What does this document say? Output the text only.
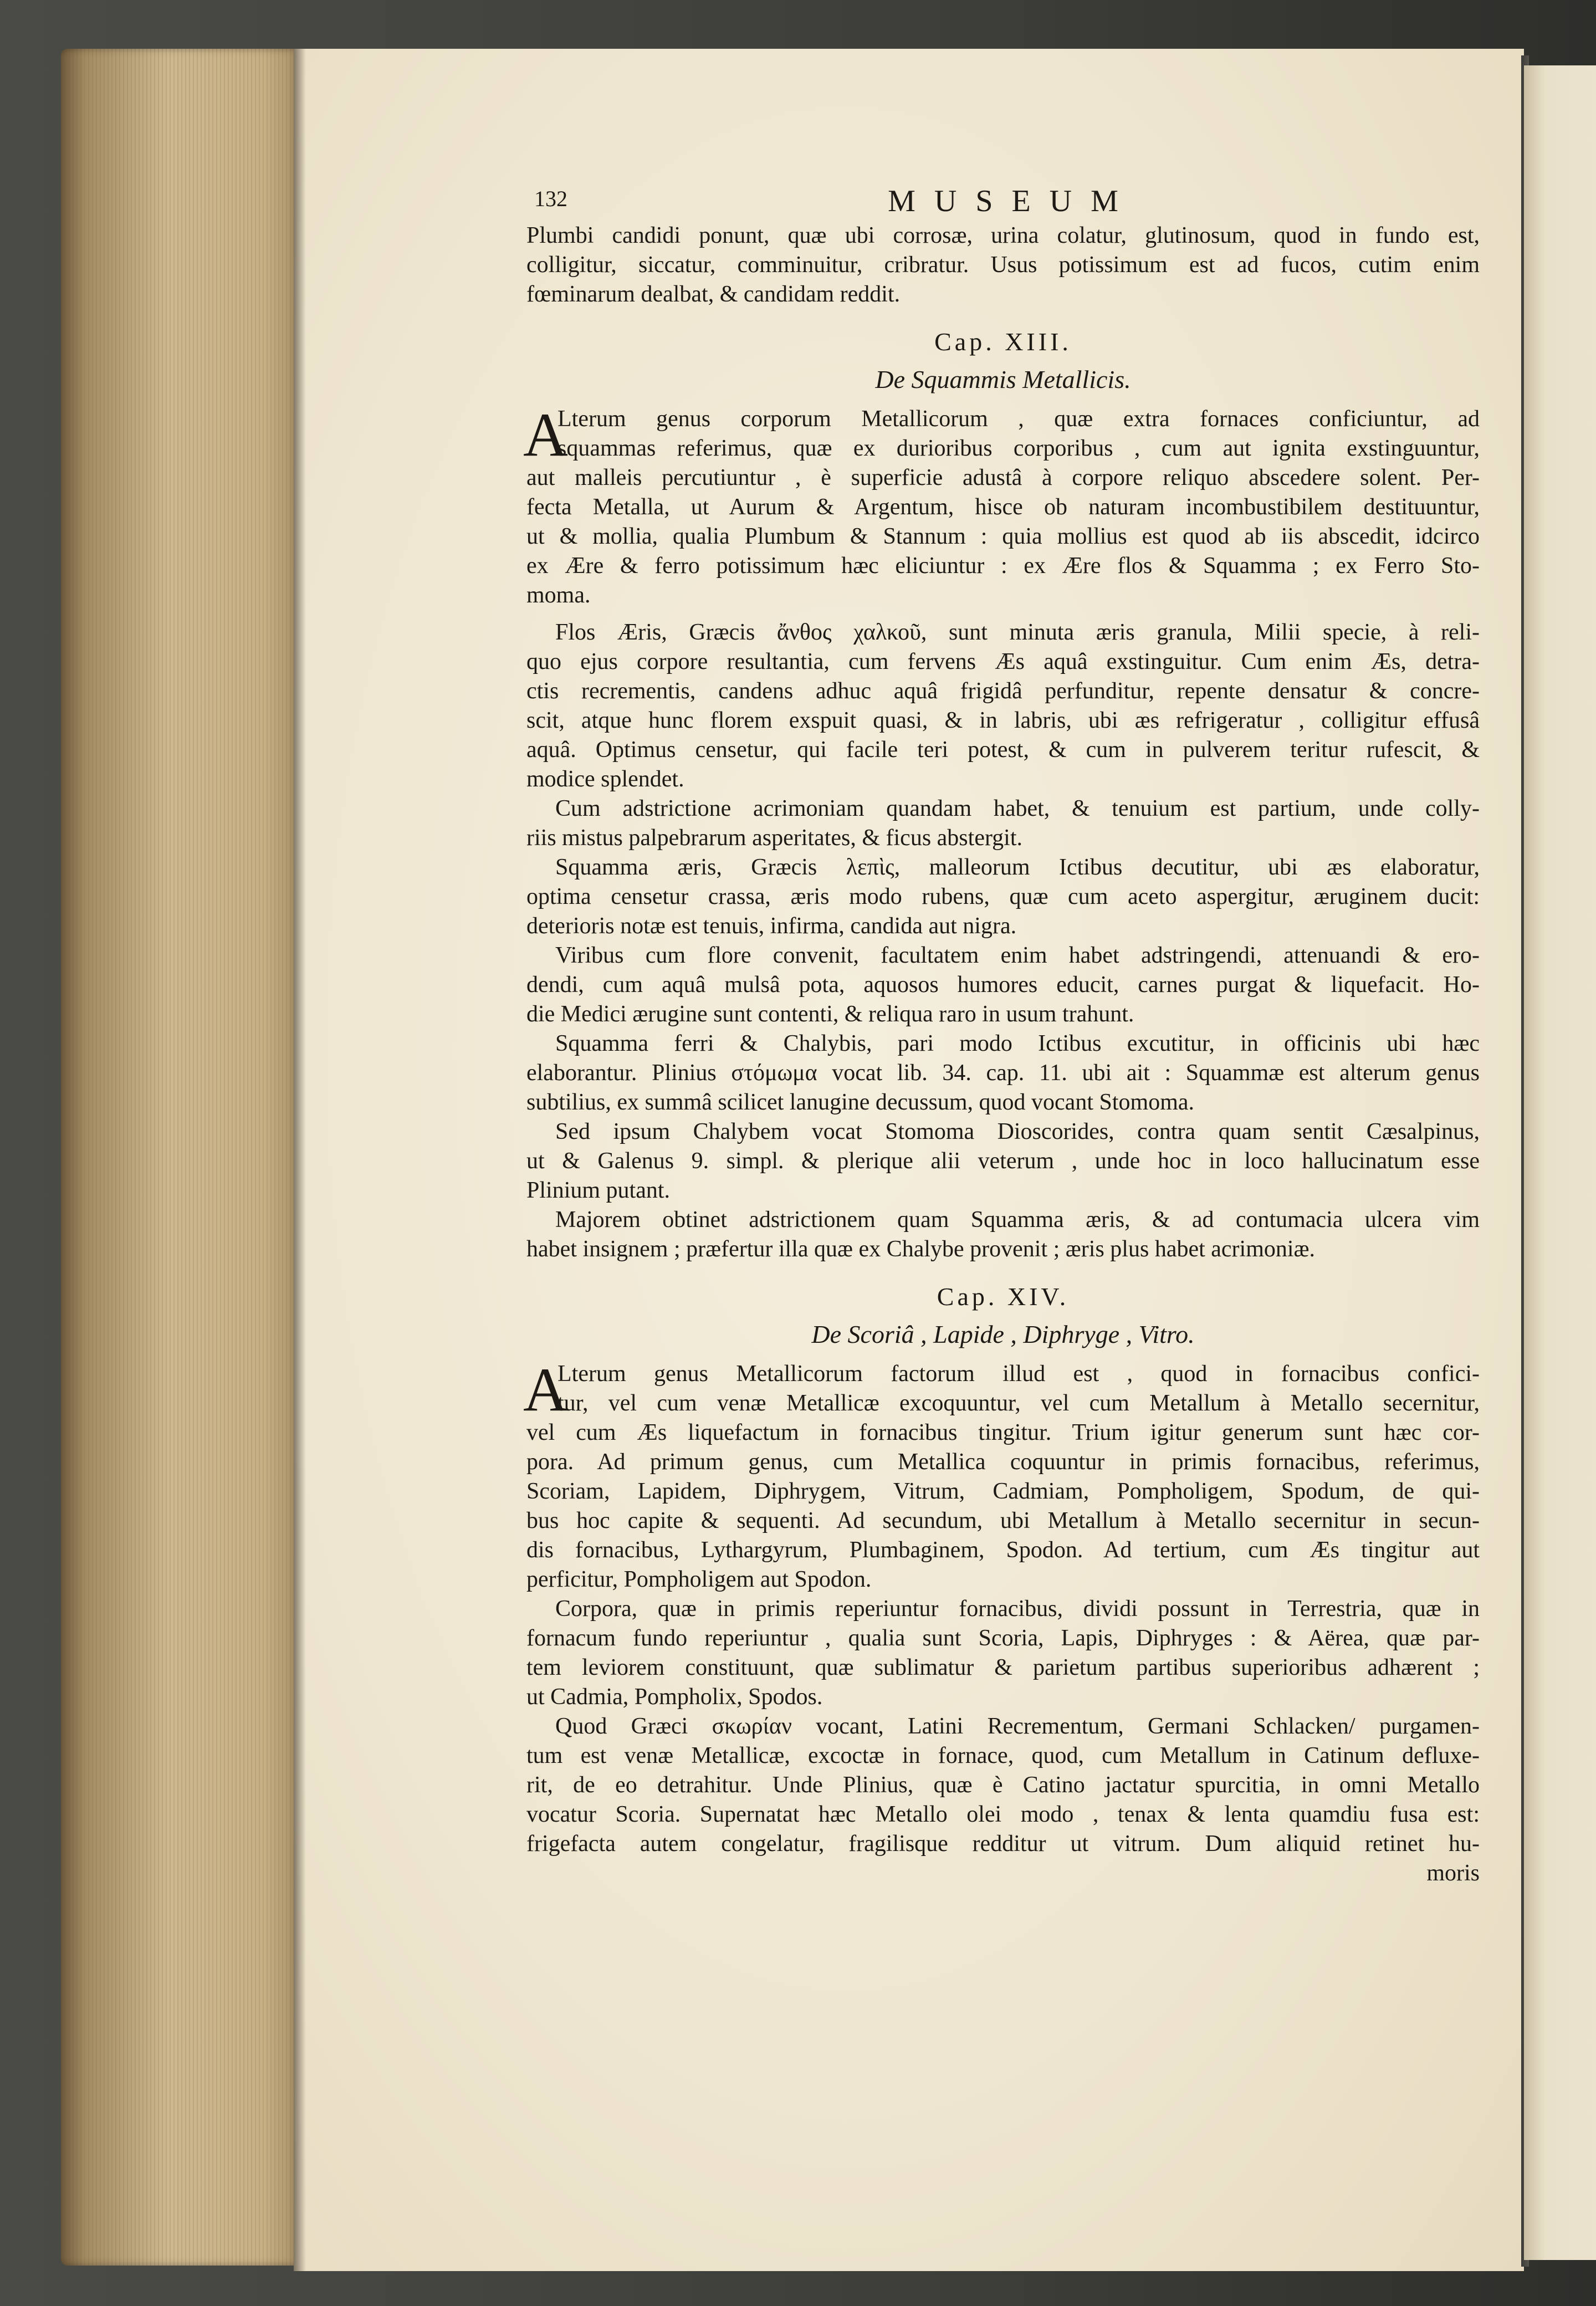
132	MUSEUM
Plumbi candidi ponunt, quæ ubi corrosæ, urina colatur, glutinosum, quod in fundo est,
colligitur, siccatur, comminuitur, cribratur. Usus potissimum est ad fucos, cutim enim
fœminarum dealbat, & candidam reddit.
Cap. XIII.
De Squammis Metallicis.
A
Lterum genus corporum Metallicorum , quæ extra fornaces conficiuntur, ad
squammas referimus, quæ ex durioribus corporibus , cum aut ignita exstinguuntur,
aut malleis percutiuntur , è superficie adustâ à corpore reliquo abscedere solent. Per-
fecta Metalla, ut Aurum & Argentum, hisce ob naturam incombustibilem destituuntur,
ut & mollia, qualia Plumbum & Stannum : quia mollius est quod ab iis abscedit, idcirco
ex Ære & ferro potissimum hæc eliciuntur : ex Ære flos & Squamma ; ex Ferro Sto-
moma.
Flos Æris, Græcis ἄνθος χαλκοῦ, sunt minuta æris granula, Milii specie, à reli-
quo ejus corpore resultantia, cum fervens Æs aquâ exstinguitur. Cum enim Æs, detra-
ctis recrementis, candens adhuc aquâ frigidâ perfunditur, repente densatur & concre-
scit, atque hunc florem exspuit quasi, & in labris, ubi æs refrigeratur , colligitur effusâ
aquâ. Optimus censetur, qui facile teri potest, & cum in pulverem teritur rufescit, &
modice splendet.
Cum adstrictione acrimoniam quandam habet, & tenuium est partium, unde colly-
riis mistus palpebrarum asperitates, & ficus abstergit.
Squamma æris, Græcis λεπὶς, malleorum Ictibus decutitur, ubi æs elaboratur,
optima censetur crassa, æris modo rubens, quæ cum aceto aspergitur, æruginem ducit:
deterioris notæ est tenuis, infirma, candida aut nigra.
Viribus cum flore convenit, facultatem enim habet adstringendi, attenuandi & ero-
dendi, cum aquâ mulsâ pota, aquosos humores educit, carnes purgat & liquefacit. Ho-
die Medici ærugine sunt contenti, & reliqua raro in usum trahunt.
Squamma ferri & Chalybis, pari modo Ictibus excutitur, in officinis ubi hæc
elaborantur. Plinius στόμωμα vocat lib. 34. cap. 11. ubi ait : Squammæ est alterum genus
subtilius, ex summâ scilicet lanugine decussum, quod vocant Stomoma.
Sed ipsum Chalybem vocat Stomoma Dioscorides, contra quam sentit Cæsalpinus,
ut & Galenus 9. simpl. & plerique alii veterum , unde hoc in loco hallucinatum esse
Plinium putant.
Majorem obtinet adstrictionem quam Squamma æris, & ad contumacia ulcera vim
habet insignem ; præfertur illa quæ ex Chalybe provenit ; æris plus habet acrimoniæ.
Cap. XIV.
De Scoriâ , Lapide , Diphryge , Vitro.
A
Lterum genus Metallicorum factorum illud est , quod in fornacibus confici-
tur, vel cum venæ Metallicæ excoquuntur, vel cum Metallum à Metallo secernitur,
vel cum Æs liquefactum in fornacibus tingitur. Trium igitur generum sunt hæc cor-
pora. Ad primum genus, cum Metallica coquuntur in primis fornacibus, referimus,
Scoriam, Lapidem, Diphrygem, Vitrum, Cadmiam, Pompholigem, Spodum, de qui-
bus hoc capite & sequenti. Ad secundum, ubi Metallum à Metallo secernitur in secun-
dis fornacibus, Lythargyrum, Plumbaginem, Spodon. Ad tertium, cum Æs tingitur aut
perficitur, Pompholigem aut Spodon.
Corpora, quæ in primis reperiuntur fornacibus, dividi possunt in Terrestria, quæ in
fornacum fundo reperiuntur , qualia sunt Scoria, Lapis, Diphryges : & Aërea, quæ par-
tem leviorem constituunt, quæ sublimatur & parietum partibus superioribus adhærent ;
ut Cadmia, Pompholix, Spodos.
Quod Græci σκωρίαν vocant, Latini Recrementum, Germani Schlacken/ purgamen-
tum est venæ Metallicæ, excoctæ in fornace, quod, cum Metallum in Catinum defluxe-
rit, de eo detrahitur. Unde Plinius, quæ è Catino jactatur spurcitia, in omni Metallo
vocatur Scoria. Supernatat hæc Metallo olei modo , tenax & lenta quamdiu fusa est:
frigefacta autem congelatur, fragilisque redditur ut vitrum. Dum aliquid retinet hu-
moris
